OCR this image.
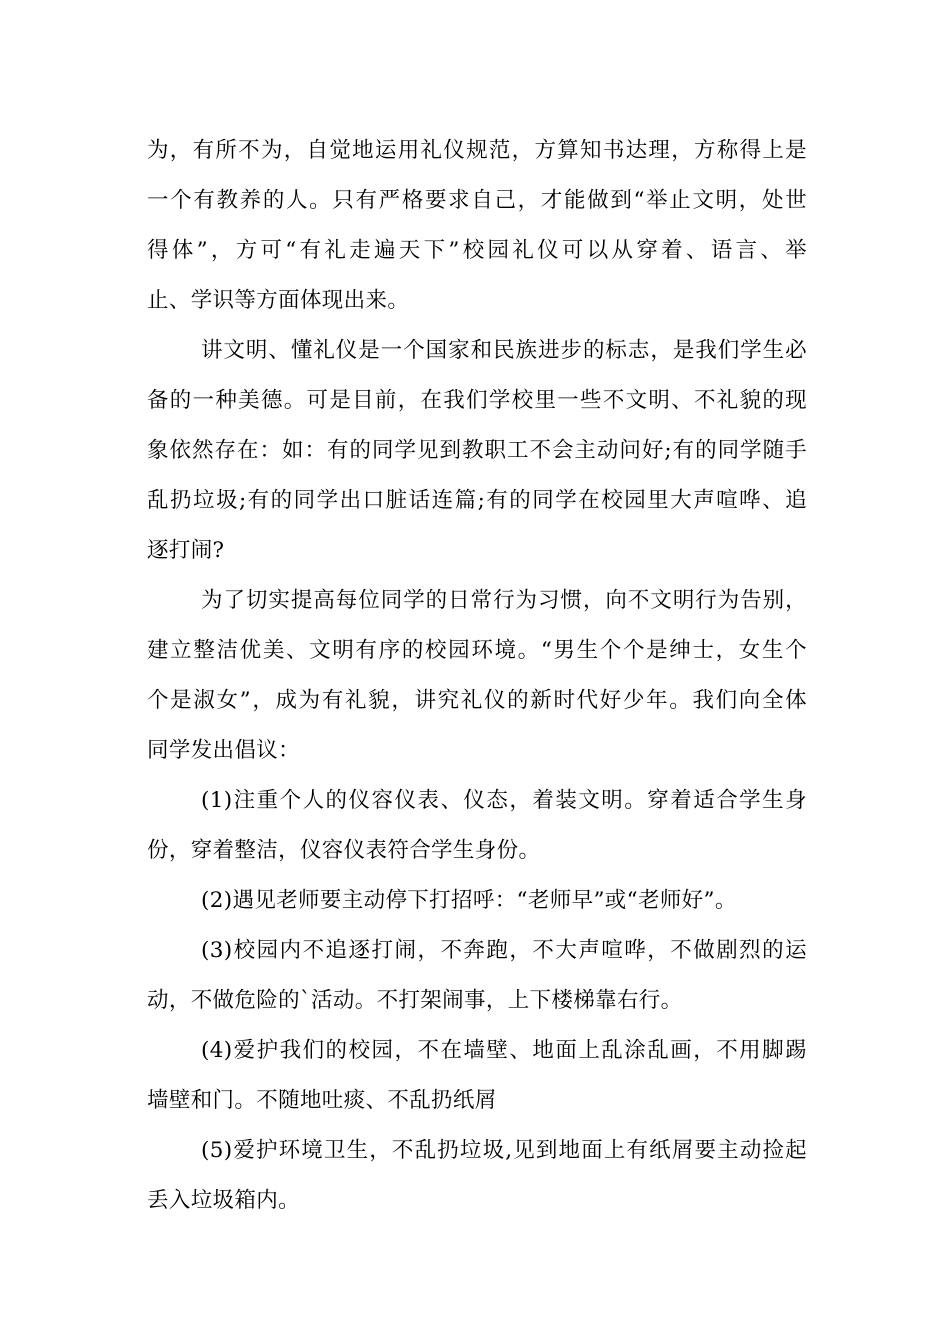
为，有所不为，自觉地运用礼仪规范，方算知书达理，方称得上是
一个有教养的人。只有严格要求自己，才能做到“举止文明，处世
得体”，方可“有礼走遍天下”校园礼仪可以从穿着、语言、举
止、学识等方面体现出来。
讲文明、懂礼仪是一个国家和民族进步的标志，是我们学生必
备的一种美德。可是目前，在我们学校里一些不文明、不礼貌的现
象依然存在：如：有的同学见到教职工不会主动问好;有的同学随手
乱扔垃圾;有的同学出口脏话连篇;有的同学在校园里大声喧哗、追
逐打闹?
为了切实提高每位同学的日常行为习惯，向不文明行为告别，
建立整洁优美、文明有序的校园环境。“男生个个是绅士，女生个
个是淑女”，成为有礼貌，讲究礼仪的新时代好少年。我们向全体
同学发出倡议：
(1)注重个人的仪容仪表、仪态，着装文明。穿着适合学生身
份，穿着整洁，仪容仪表符合学生身份。
(2)遇见老师要主动停下打招呼：“老师早”或“老师好”。
(3)校园内不追逐打闹，不奔跑，不大声喧哗，不做剧烈的运
动，不做危险的`活动。不打架闹事，上下楼梯靠右行。
(4)爱护我们的校园，不在墙壁、地面上乱涂乱画，不用脚踢
墙壁和门。不随地吐痰、不乱扔纸屑
(5)爱护环境卫生，不乱扔垃圾,见到地面上有纸屑要主动捡起
丢入垃圾箱内。
